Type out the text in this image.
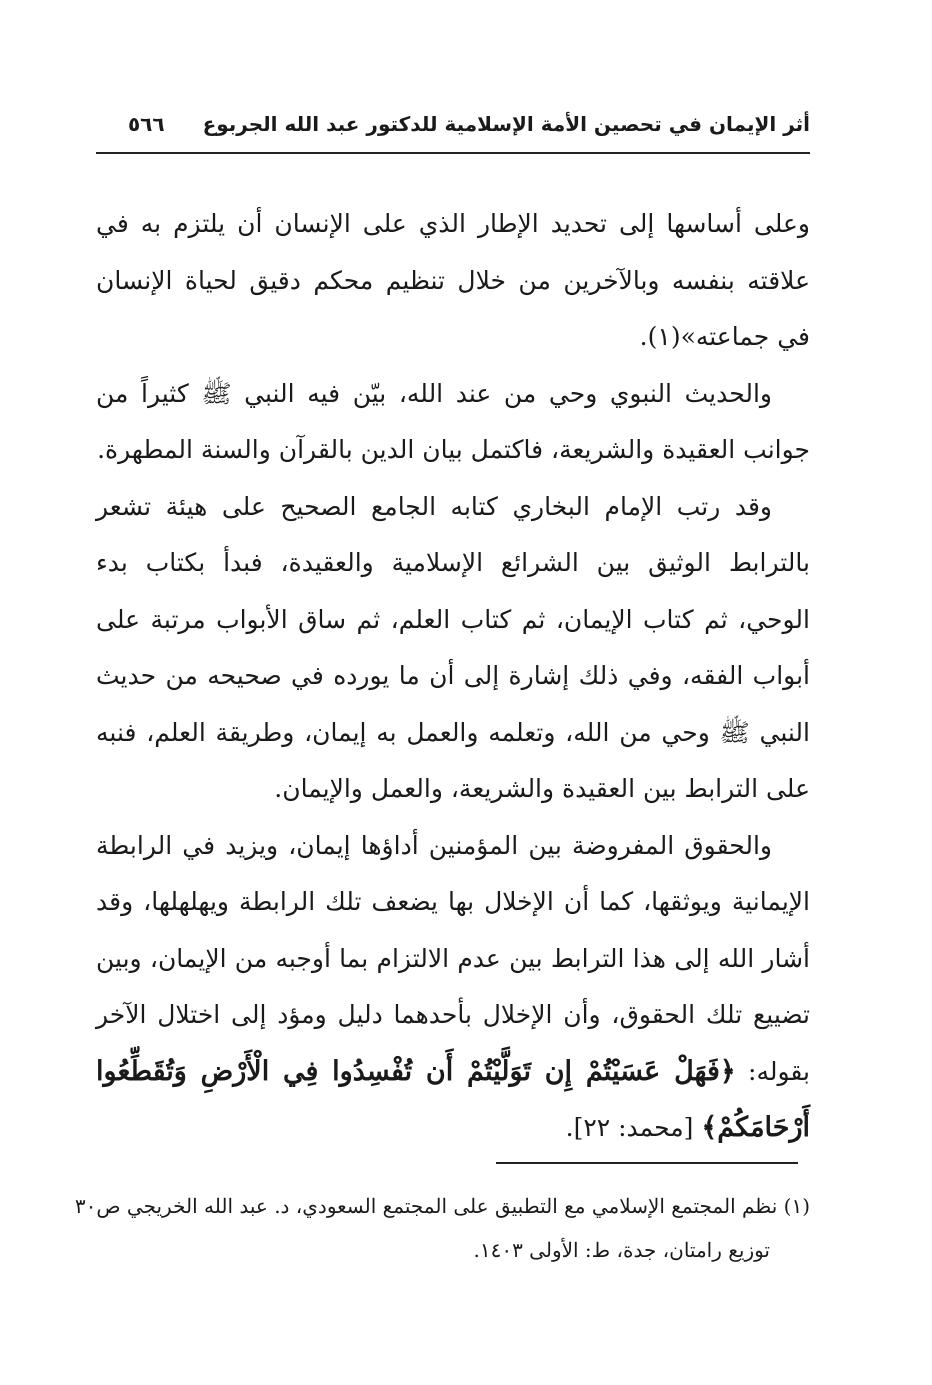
أثر الإيمان في تحصين الأمة الإسلامية للدكتور عبد الله الجربوع
٥٦٦

وعلى أساسها إلى تحديد الإطار الذي على الإنسان أن يلتزم به في علاقته بنفسه وبالآخرين من خلال تنظيم محكم دقيق لحياة الإنسان في جماعته»(١).

والحديث النبوي وحي من عند الله، بيّن فيه النبي ﷺ كثيراً من جوانب العقيدة والشريعة، فاكتمل بيان الدين بالقرآن والسنة المطهرة.

وقد رتب الإمام البخاري كتابه الجامع الصحيح على هيئة تشعر بالترابط الوثيق بين الشرائع الإسلامية والعقيدة، فبدأ بكتاب بدء الوحي، ثم كتاب الإيمان، ثم كتاب العلم، ثم ساق الأبواب مرتبة على أبواب الفقه، وفي ذلك إشارة إلى أن ما يورده في صحيحه من حديث النبي ﷺ وحي من الله، وتعلمه والعمل به إيمان، وطريقة العلم، فنبه على الترابط بين العقيدة والشريعة، والعمل والإيمان.

والحقوق المفروضة بين المؤمنين أداؤها إيمان، ويزيد في الرابطة الإيمانية ويوثقها، كما أن الإخلال بها يضعف تلك الرابطة ويهلهلها، وقد أشار الله إلى هذا الترابط بين عدم الالتزام بما أوجبه من الإيمان، وبين تضييع تلك الحقوق، وأن الإخلال بأحدهما دليل ومؤد إلى اختلال الآخر بقوله: ﴿فَهَلْ عَسَيْتُمْ إِن تَوَلَّيْتُمْ أَن تُفْسِدُوا فِي الْأَرْضِ وَتُقَطِّعُوا أَرْحَامَكُمْ﴾ [محمد: ٢٢].

(١) نظم المجتمع الإسلامي مع التطبيق على المجتمع السعودي، د. عبد الله الخريجي ص٣٠

توزيع رامتان، جدة، ط: الأولى ١٤٠٣.
